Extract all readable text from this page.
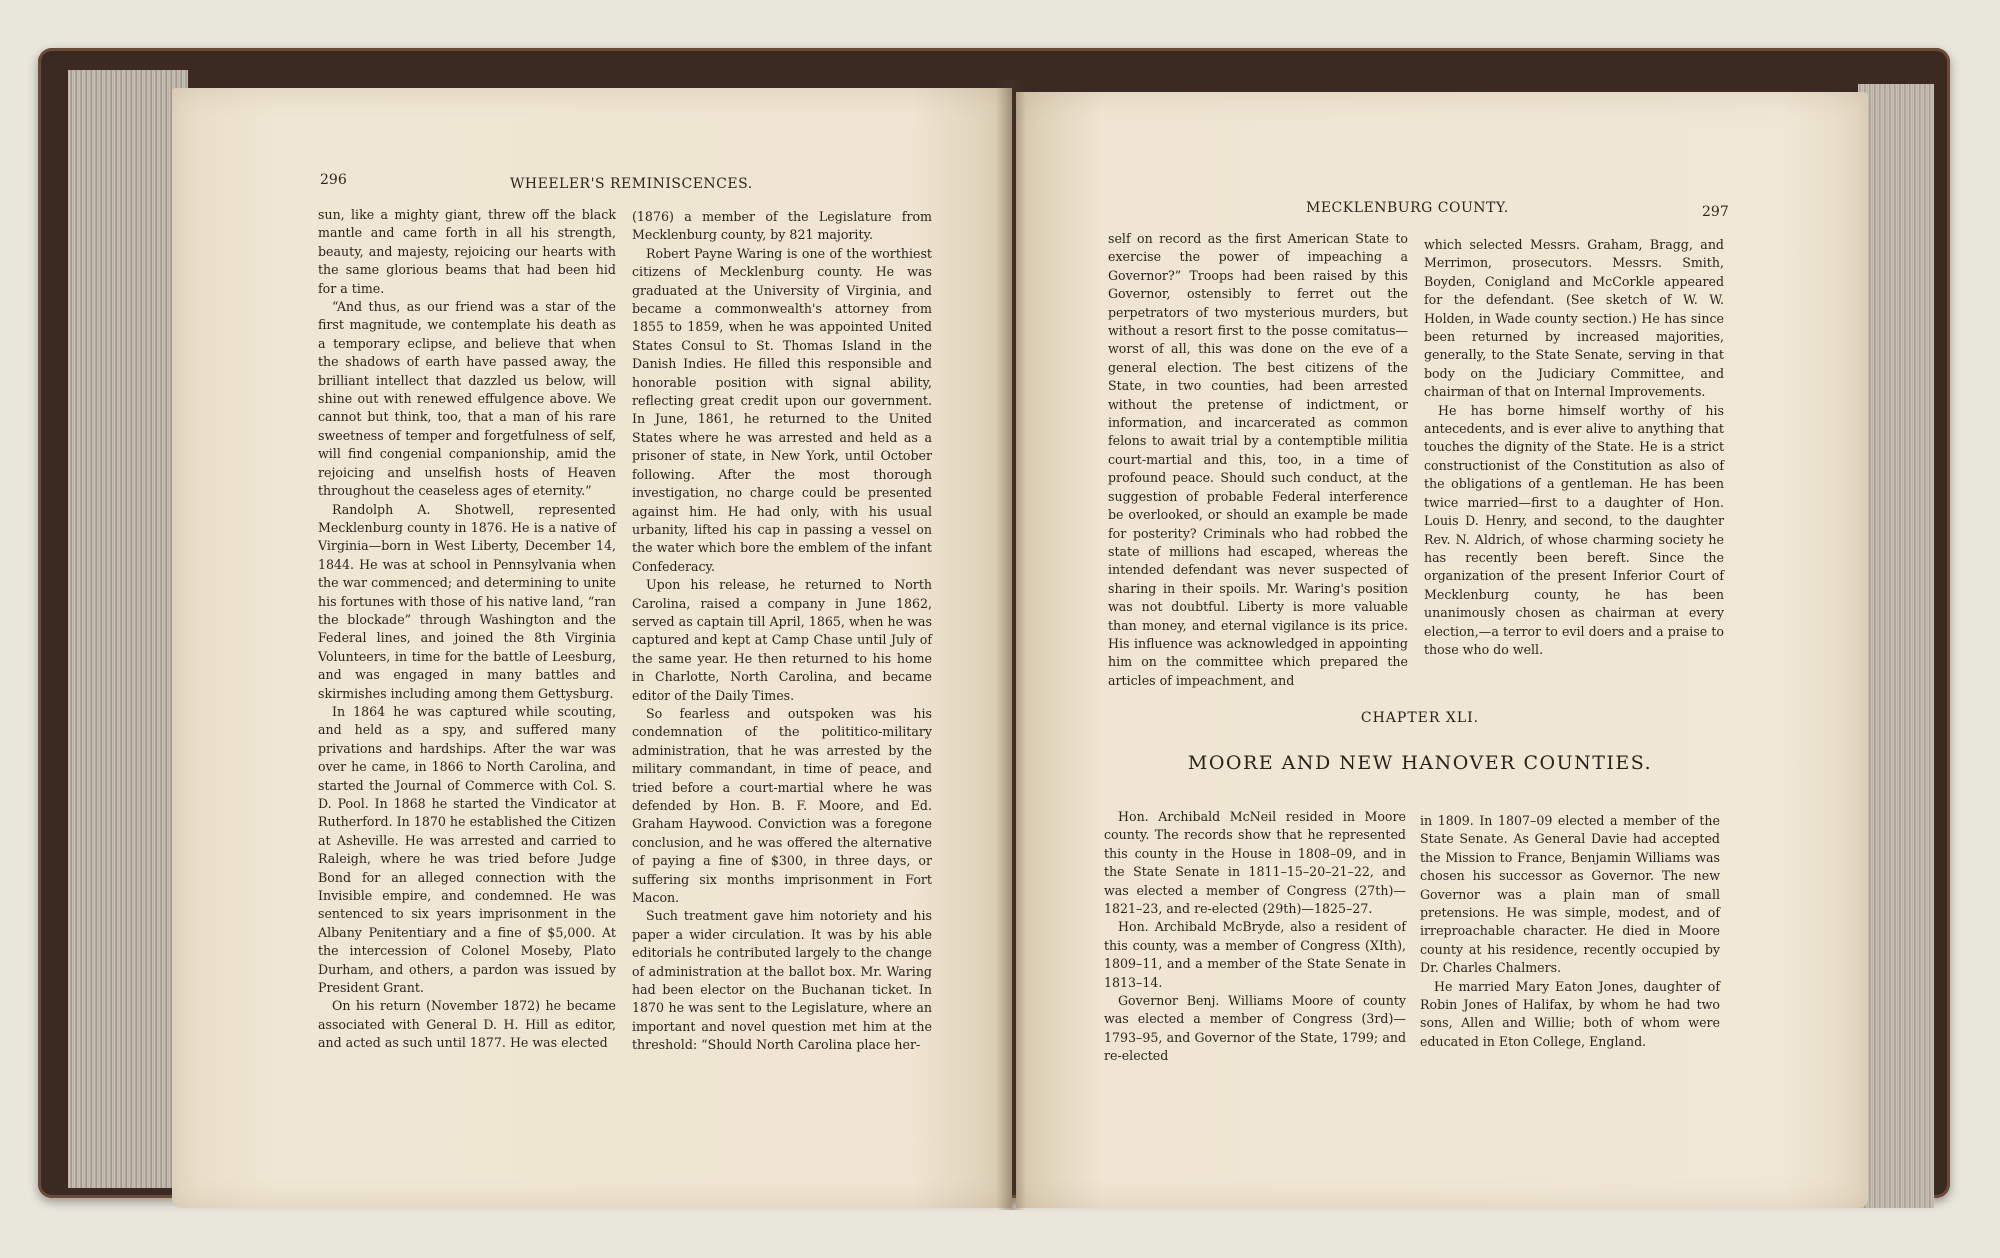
296	WHEELER'S REMINISCENCES.

sun, like a mighty giant, threw off the black mantle and came forth in all his strength, beauty, and majesty, rejoicing our hearts with the same glorious beams that had been hid for a time.

“And thus, as our friend was a star of the first magnitude, we contemplate his death as a temporary eclipse, and believe that when the shadows of earth have passed away, the brilliant intellect that dazzled us below, will shine out with renewed effulgence above. We cannot but think, too, that a man of his rare sweetness of temper and forgetfulness of self, will find congenial companionship, amid the rejoicing and unselfish hosts of Heaven throughout the ceaseless ages of eternity.”

Randolph A. Shotwell, represented Mecklenburg county in 1876. He is a native of Virginia—born in West Liberty, December 14, 1844. He was at school in Pennsylvania when the war commenced; and determining to unite his fortunes with those of his native land, “ran the blockade” through Washington and the Federal lines, and joined the 8th Virginia Volunteers, in time for the battle of Leesburg, and was engaged in many battles and skirmishes including among them Gettysburg.

In 1864 he was captured while scouting, and held as a spy, and suffered many privations and hardships. After the war was over he came, in 1866 to North Carolina, and started the Journal of Commerce with Col. S. D. Pool. In 1868 he started the Vindicator at Rutherford. In 1870 he established the Citizen at Asheville. He was arrested and carried to Raleigh, where he was tried before Judge Bond for an alleged connection with the Invisible empire, and condemned. He was sentenced to six years imprisonment in the Albany Penitentiary and a fine of $5,000. At the intercession of Colonel Moseby, Plato Durham, and others, a pardon was issued by President Grant.

On his return (November 1872) he became associated with General D. H. Hill as editor, and acted as such until 1877. He was elected

(1876) a member of the Legislature from Mecklenburg county, by 821 majority.

Robert Payne Waring is one of the worthiest citizens of Mecklenburg county. He was graduated at the University of Virginia, and became a commonwealth's attorney from 1855 to 1859, when he was appointed United States Consul to St. Thomas Island in the Danish Indies. He filled this responsible and honorable position with signal ability, reflecting great credit upon our government. In June, 1861, he returned to the United States where he was arrested and held as a prisoner of state, in New York, until October following. After the most thorough investigation, no charge could be presented against him. He had only, with his usual urbanity, lifted his cap in passing a vessel on the water which bore the emblem of the infant Confederacy.

Upon his release, he returned to North Carolina, raised a company in June 1862, served as captain till April, 1865, when he was captured and kept at Camp Chase until July of the same year. He then returned to his home in Charlotte, North Carolina, and became editor of the Daily Times.

So fearless and outspoken was his condemnation of the polititico-military administration, that he was arrested by the military commandant, in time of peace, and tried before a court-martial where he was defended by Hon. B. F. Moore, and Ed. Graham Haywood. Conviction was a foregone conclusion, and he was offered the alternative of paying a fine of $300, in three days, or suffering six months imprisonment in Fort Macon.

Such treatment gave him notoriety and his paper a wider circulation. It was by his able editorials he contributed largely to the change of administration at the ballot box. Mr. Waring had been elector on the Buchanan ticket. In 1870 he was sent to the Legislature, where an important and novel question met him at the threshold: “Should North Carolina place her-

MECKLENBURG COUNTY.	297

self on record as the first American State to exercise the power of impeaching a Governor?” Troops had been raised by this Governor, ostensibly to ferret out the perpetrators of two mysterious murders, but without a resort first to the posse comitatus—worst of all, this was done on the eve of a general election. The best citizens of the State, in two counties, had been arrested without the pretense of indictment, or information, and incarcerated as common felons to await trial by a contemptible militia court-martial and this, too, in a time of profound peace. Should such conduct, at the suggestion of probable Federal interference be overlooked, or should an example be made for posterity? Criminals who had robbed the state of millions had escaped, whereas the intended defendant was never suspected of sharing in their spoils. Mr. Waring's position was not doubtful. Liberty is more valuable than money, and eternal vigilance is its price. His influence was acknowledged in appointing him on the committee which prepared the articles of impeachment, and

which selected Messrs. Graham, Bragg, and Merrimon, prosecutors. Messrs. Smith, Boyden, Conigland and McCorkle appeared for the defendant. (See sketch of W. W. Holden, in Wade county section.) He has since been returned by increased majorities, generally, to the State Senate, serving in that body on the Judiciary Committee, and chairman of that on Internal Improvements.

He has borne himself worthy of his antecedents, and is ever alive to anything that touches the dignity of the State. He is a strict constructionist of the Constitution as also of the obligations of a gentleman. He has been twice married—first to a daughter of Hon. Louis D. Henry, and second, to the daughter Rev. N. Aldrich, of whose charming society he has recently been bereft. Since the organization of the present Inferior Court of Mecklenburg county, he has been unanimously chosen as chairman at every election,—a terror to evil doers and a praise to those who do well.

CHAPTER XLI.
MOORE AND NEW HANOVER COUNTIES.

Hon. Archibald McNeil resided in Moore county. The records show that he represented this county in the House in 1808–09, and in the State Senate in 1811–15–20–21–22, and was elected a member of Congress (27th)—1821–23, and re-elected (29th)—1825–27.

Hon. Archibald McBryde, also a resident of this county, was a member of Congress (XIth), 1809–11, and a member of the State Senate in 1813–14.

Governor Benj. Williams Moore of county was elected a member of Congress (3rd)—1793–95, and Governor of the State, 1799; and re-elected

in 1809. In 1807–09 elected a member of the State Senate. As General Davie had accepted the Mission to France, Benjamin Williams was chosen his successor as Governor. The new Governor was a plain man of small pretensions. He was simple, modest, and of irreproachable character. He died in Moore county at his residence, recently occupied by Dr. Charles Chalmers.

He married Mary Eaton Jones, daughter of Robin Jones of Halifax, by whom he had two sons, Allen and Willie; both of whom were educated in Eton College, England.
